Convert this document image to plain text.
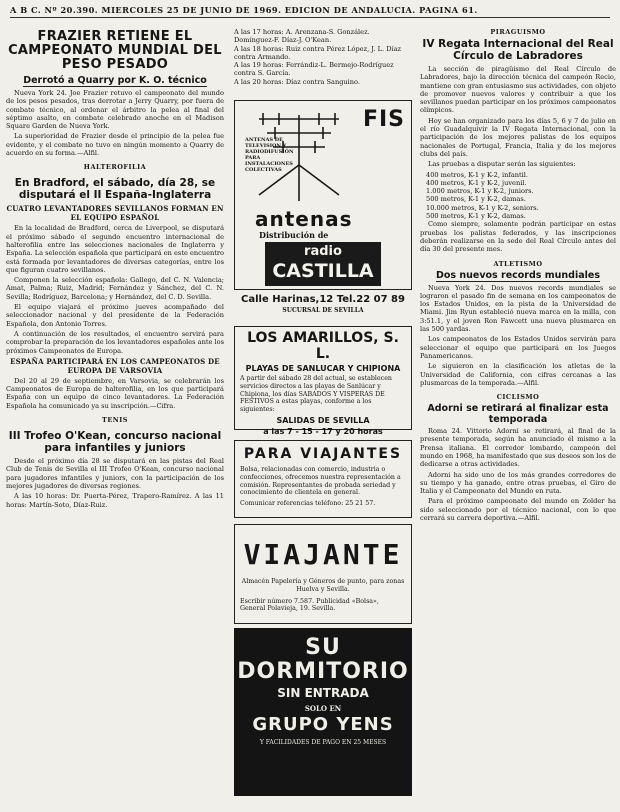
A B C. Nº 20.390. MIERCOLES 25 DE JUNIO DE 1969. EDICION DE ANDALUCIA. PAGINA 61.
FRAZIER RETIENE EL CAMPEONATO MUNDIAL DEL PESO PESADO
Derrotó a Quarry por K. O. técnico

Nueva York 24. Joe Frazier retuvo el campeonato del mundo de los pesos pesados, tras derrotar a Jerry Quarry, por fuera de combate técnico, al ordenar el árbitro la pelea al final del séptimo asalto, en combate celebrado anoche en el Madison Square Garden de Nueva York.

La superioridad de Frazier desde el principio de la pelea fue evidente, y el combate no tuvo en ningún momento a Quarry de acuerdo en su forma.—Alfil.

HALTEROFILIA
En Bradford, el sábado, día 28, se disputará el II España-Inglaterra
CUATRO LEVANTADORES SEVILLANOS FORMAN EN EL EQUIPO ESPAÑOL

En la localidad de Bradford, cerca de Liverpool, se disputará el próximo sábado el segundo encuentro internacional de halterofilia entre las selecciones nacionales de Inglaterra y España. La selección española que participará en este encuentro está formada por levantadores de diversas categorías, entre los que figuran cuatro sevillanos.

Componen la selección española: Gallego, del C. N. Valencia; Amat, Palma; Ruiz, Madrid; Fernández y Sánchez, del C. N. Sevilla; Rodríguez, Barcelona; y Hernández, del C. D. Sevilla.

El equipo viajará el próximo jueves acompañado del seleccionador nacional y del presidente de la Federación Española, don Antonio Torres.

A continuación de los resultados, el encuentro servirá para comprobar la preparación de los levantadores españoles ante los próximos Campeonatos de Europa.

ESPAÑA PARTICIPARÁ EN LOS CAMPEONATOS DE EUROPA DE VARSOVIA

Del 20 al 29 de septiembre, en Varsovia, se celebrarán los Campeonatos de Europa de halterofilia, en los que participará España con un equipo de cinco levantadores. La Federación Española ha comunicado ya su inscripción.—Cifra.

TENIS
III Trofeo O'Kean, concurso nacional para infantiles y juniors

Desde el próximo día 28 se disputará en las pistas del Real Club de Tenis de Sevilla el III Trofeo O'Kean, concurso nacional para jugadores infantiles y juniors, con la participación de los mejores jugadores de diversas regiones.

A las 10 horas: Dr. Puerta-Pérez, Trapero-Ramírez. A las 11 horas: Martín-Soto, Díaz-Ruiz.

A las 17 horas: A. Arenzana-S. González. Domínguez-F. Díaz-J. O'Kean.
A las 18 horas: Ruiz contra Pérez López, J. L. Díaz contra Armando.
A las 19 horas: Ferrándiz-L. Bermejo-Rodríguez contra S. García.
A las 20 horas: Díaz contra Sanguino.
FIS
ANTENAS DE TELEVISION Y RADIODIFUSIÓN PARA INSTALACIONES COLECTIVAS
antenas
Distribución de
radio
CASTILLA
Calle Harinas,12 Tel.22 07 89
SUCURSAL DE SEVILLA
LOS AMARILLOS, S. L.
PLAYAS DE SANLUCAR Y CHIPIONA

A partir del sábado 28 del actual, se establecen servicios directos a las playas de Sanlúcar y Chipiona, los días SABADOS Y VISPERAS DE FESTIVOS a estas playas, conforme a los siguientes:

SALIDAS DE SEVILLA
a las 7 - 15 - 17 y 20 horas
PARA VIAJANTES

Bolsa, relacionadas con comercio, industria o confecciones, ofrecemos nuestra representación a comisión. Representantes de probada seriedad y conocimiento de clientela en general.

Comunicar referencias teléfono: 25 21 57.

VIAJANTE

Almacén Papelería y Géneros de punto, para zonas Huelva y Sevilla.

Escribir número 7.587. Publicidad «Bolsa», General Polavieja, 19. Sevilla.

SU DORMITORIO
SIN ENTRADA
SOLO EN
GRUPO YENS
Y FACILIDADES DE PAGO EN 25 MESES
PIRAGUISMO
IV Regata Internacional del Real Círculo de Labradores

La sección de piragüismo del Real Círculo de Labradores, bajo la dirección técnica del campeón Recio, mantiene con gran entusiasmo sus actividades, con objeto de promover nuevos valores y contribuir a que los sevillanos puedan participar en los próximos campeonatos olímpicos.

Hoy se han organizado para los días 5, 6 y 7 de julio en el río Guadalquivir la IV Regata Internacional, con la participación de los mejores palistas de los equipos nacionales de Portugal, Francia, Italia y de los mejores clubs del país.

Las pruebas a disputar serán las siguientes:

400 metros, K-1 y K-2, infantil.
400 metros, K-1 y K-2, juvenil.
1.000 metros, K-1 y K-2, juniors.
500 metros, K-1 y K-2, damas.
10.000 metros, K-1 y K-2, seniors.
500 metros, K-1 y K-2, damas.

Como siempre, solamente podrán participar en estas pruebas los palistas federados, y las inscripciones deberán realizarse en la sede del Real Círculo antes del día 30 del presente mes.

ATLETISMO
Dos nuevos records mundiales

Nueva York 24. Dos nuevos records mundiales se lograron el pasado fin de semana en los campeonatos de los Estados Unidos, en la pista de la Universidad de Miami. Jim Ryun estableció nueva marca en la milla, con 3:51.1, y el joven Ron Fawcett una nueva plusmarca en las 500 yardas.

Los campeonatos de los Estados Unidos servirán para seleccionar el equipo que participará en los Juegos Panamericanos.

Le siguieron en la clasificación los atletas de la Universidad de California, con cifras cercanas a las plusmarcas de la temporada.—Alfil.

CICLISMO
Adorni se retirará al finalizar esta temporada

Roma 24. Vittorio Adorni se retirará, al final de la presente temporada, según ha anunciado él mismo a la Prensa italiana. El corredor lombardo, campeón del mundo en 1968, ha manifestado que sus deseos son los de dedicarse a otras actividades.

Adorni ha sido uno de los más grandes corredores de su tiempo y ha ganado, entre otras pruebas, el Giro de Italia y el Campeonato del Mundo en ruta.

Para el próximo campeonato del mundo en Zolder ha sido seleccionado por el técnico nacional, con lo que cerrará su carrera deportiva.—Alfil.
